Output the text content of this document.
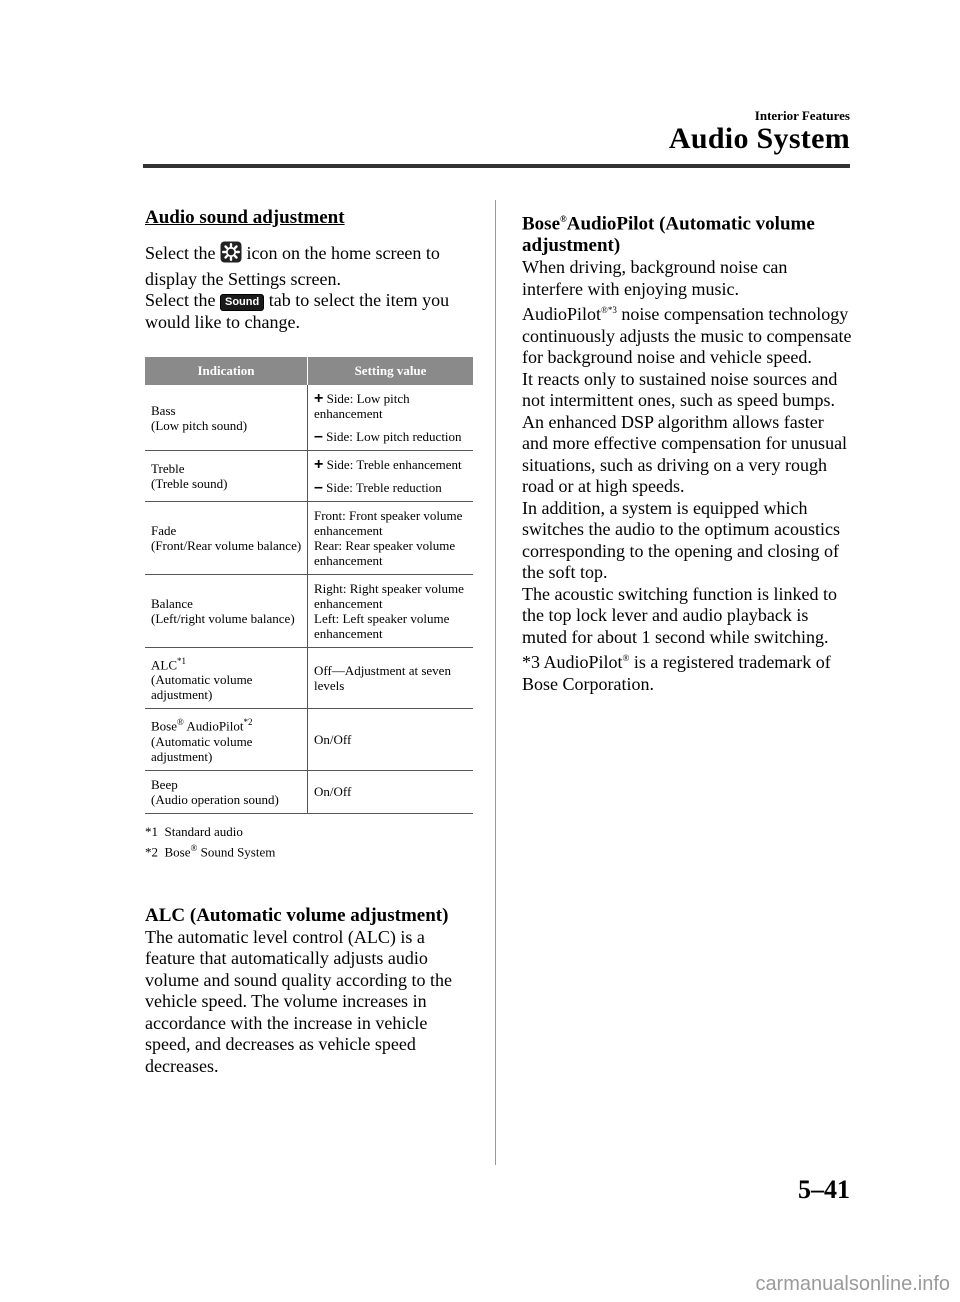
Interior Features
Audio System

Audio sound adjustment

Select the icon on the home screen to display the Settings screen.

Select the Sound tab to select the item you would like to change.

Indication	Setting value

Bass
(Low pitch sound)	+ Side: Low pitch enhancement
– Side: Low pitch reduction

Treble
(Treble sound)	+ Side: Treble enhancement
– Side: Treble reduction

Fade
(Front/Rear volume balance)	Front: Front speaker volume enhancement
Rear: Rear speaker volume enhancement

Balance
(Left/right volume balance)	Right: Right speaker volume enhancement
Left: Left speaker volume enhancement

ALC$^{*1}$
(Automatic volume adjustment)	Off—Adjustment at seven levels

Bose® AudioPilot$^{*2}$
(Automatic volume adjustment)	On/Off

Beep
(Audio operation sound)	On/Off
*1 Standard audio
*2 Bose® Sound System

ALC (Automatic volume adjustment)

The automatic level control (ALC) is a feature that automatically adjusts audio volume and sound quality according to the vehicle speed. The volume increases in accordance with the increase in vehicle speed, and decreases as vehicle speed decreases.

Bose®AudioPilot (Automatic volume adjustment)

When driving, background noise can interfere with enjoying music.

AudioPilot$^{®*3}$ noise compensation technology continuously adjusts the music to compensate for background noise and vehicle speed.

It reacts only to sustained noise sources and not intermittent ones, such as speed bumps.

An enhanced DSP algorithm allows faster and more effective compensation for unusual situations, such as driving on a very rough road or at high speeds.

In addition, a system is equipped which switches the audio to the optimum acoustics corresponding to the opening and closing of the soft top.

The acoustic switching function is linked to the top lock lever and audio playback is muted for about 1 second while switching.

*3 AudioPilot® is a registered trademark of Bose Corporation.

5–41
carmanualsonline.info
